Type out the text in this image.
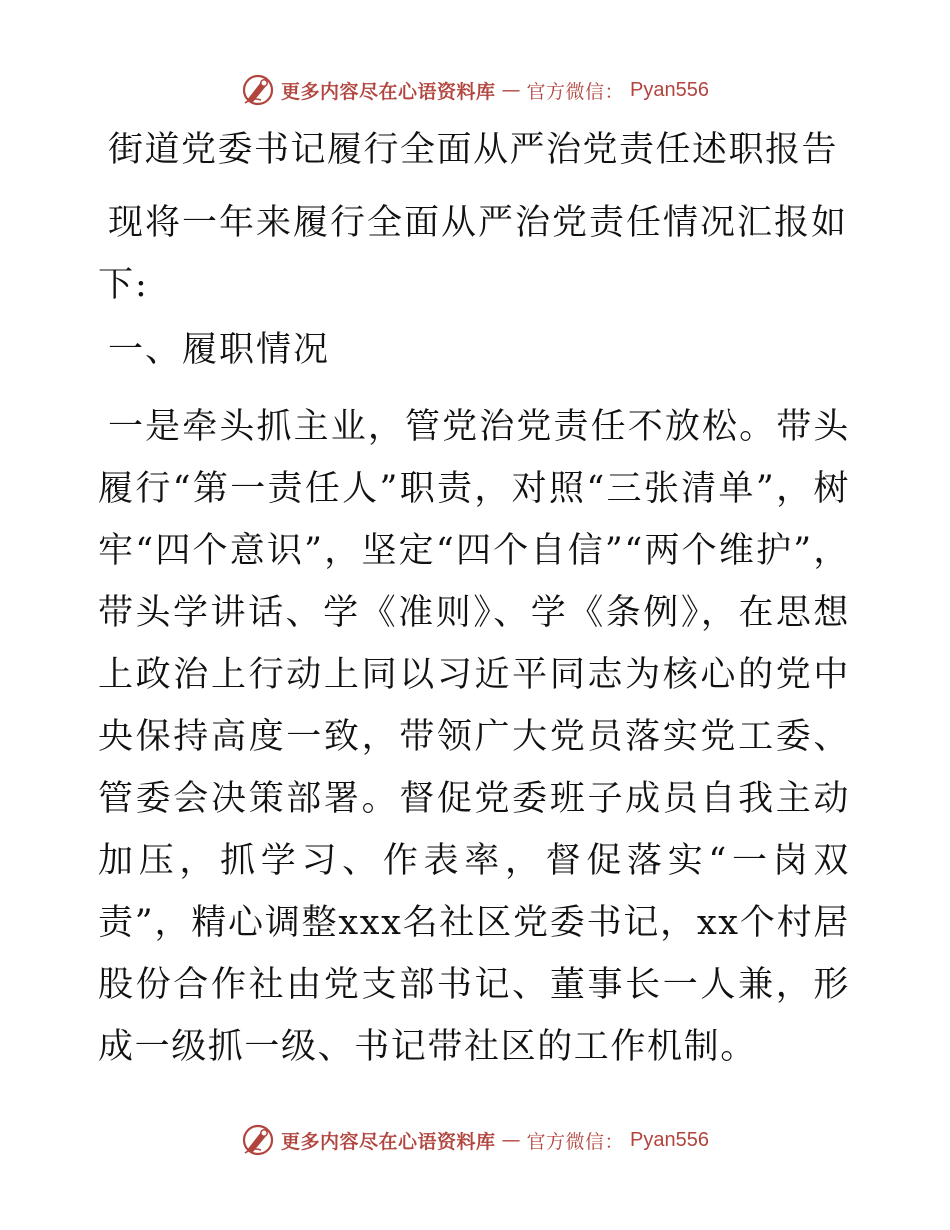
更多内容尽在心语资料库 — 官方微信： Pyan556
街道党委书记履行全面从严治党责任述职报告

现将一年来履行全面从严治党责任情况汇报如下:

一、履职情况

一是牵头抓主业，管党治党责任不放松。带头履行“第一责任人”职责，对照“三张清单”，树牢“四个意识”，坚定“四个自信”“两个维护”，带头学讲话、学《准则》、学《条例》，在思想上政治上行动上同以习近平同志为核心的党中央保持高度一致，带领广大党员落实党工委、管委会决策部署。督促党委班子成员自我主动加压，抓学习、作表率，督促落实“一岗双责”，精心调整xxx名社区党委书记，xx个村居股份合作社由党支部书记、董事长一人兼，形成一级抓一级、书记带社区的工作机制。

更多内容尽在心语资料库 — 官方微信： Pyan556
